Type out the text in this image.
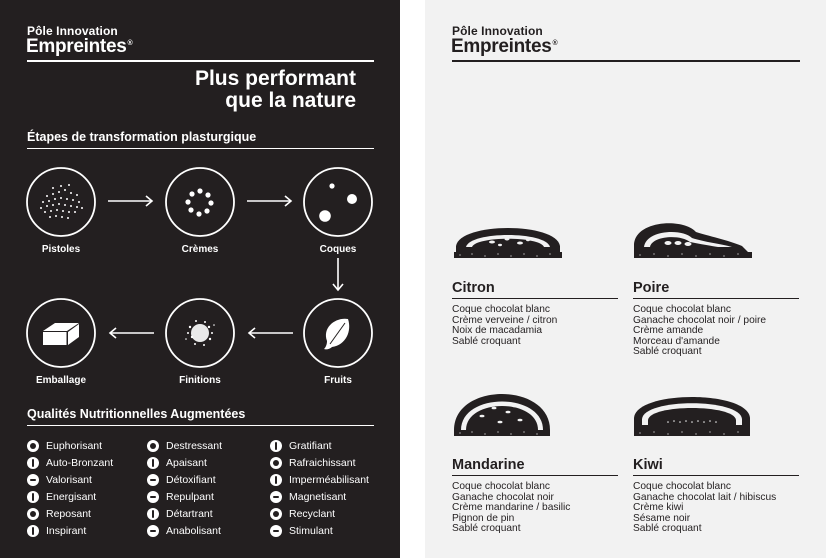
Pôle Innovation
Empreintes®
Plus performant
que la nature
Étapes de transformation plasturgique
Pistoles	Crèmes	Coques
Emballage	Finitions	Fruits
Qualités Nutritionnelles Augmentées
Euphorisant
Auto-Bronzant
Valorisant
Energisant
Reposant
Inspirant
Destressant
Apaisant
Détoxifiant
Repulpant
Détartrant
Anabolisant
Gratifiant
Rafraichissant
Imperméabilisant
Magnetisant
Recyclant
Stimulant
Pôle Innovation
Empreintes®
Citron
Coque chocolat blanc
Crème verveine / citron
Noix de macadamia
Sablé croquant
Poire
Coque chocolat blanc
Ganache chocolat noir / poire
Crème amande
Morceau d'amande
Sablé croquant
Mandarine
Coque chocolat blanc
Ganache chocolat noir
Crème mandarine / basilic
Pignon de pin
Sablé croquant
Kiwi
Coque chocolat blanc
Ganache chocolat lait / hibiscus
Crème kiwi
Sésame noir
Sablé croquant
